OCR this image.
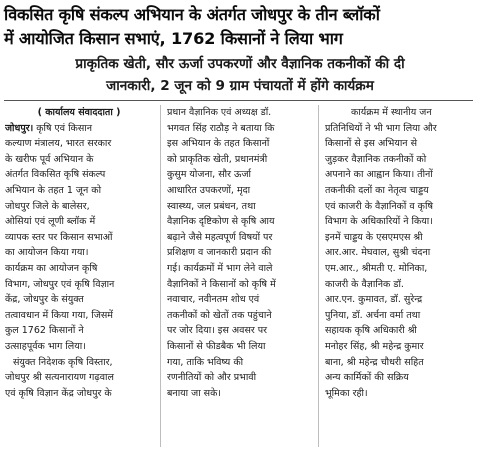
विकसित कृषि संकल्प अभियान के अंतर्गत जोधपुर के तीन ब्लॉकों
में आयोजित किसान सभाएं, 1762 किसानों ने लिया भाग
प्राकृतिक खेती, सौर ऊर्जा उपकरणों और वैज्ञानिक तकनीकों की दी
जानकारी, 2 जून को 9 ग्राम पंचायतों में होंगे कार्यक्रम
( कार्यालय संवाददाता )
जोधपुर। कृषि एवं किसान
कल्याण मंत्रालय, भारत सरकार
के खरीफ पूर्व अभियान के
अंतर्गत विकसित कृषि संकल्प
अभियान के तहत 1 जून को
जोधपुर जिले के बालेसर,
ओसियां एवं लूणी ब्लॉक में
व्यापक स्तर पर किसान सभाओं
का आयोजन किया गया।
कार्यक्रम का आयोजन कृषि
विभाग, जोधपुर एवं कृषि विज्ञान
केंद्र, जोधपुर के संयुक्त
तत्वावधान में किया गया, जिसमें
कुल 1762 किसानों ने
उत्साहपूर्वक भाग लिया।
संयुक्त निदेशक कृषि विस्तार,
जोधपुर श्री सत्यनारायण गढ़वाल
एवं कृषि विज्ञान केंद्र जोधपुर के
प्रधान वैज्ञानिक एवं अध्यक्ष डॉ.
भगवत सिंह राठौड़ ने बताया कि
इस अभियान के तहत किसानों
को प्राकृतिक खेती, प्रधानमंत्री
कुसुम योजना, सौर ऊर्जा
आधारित उपकरणों, मृदा
स्वास्थ्य, जल प्रबंधन, तथा
वैज्ञानिक दृष्टिकोण से कृषि आय
बढ़ाने जैसे महत्वपूर्ण विषयों पर
प्रशिक्षण व जानकारी प्रदान की
गई। कार्यक्रमों में भाग लेने वाले
वैज्ञानिकों ने किसानों को कृषि में
नवाचार, नवीनतम शोध एवं
तकनीकों को खेतों तक पहुंचाने
पर जोर दिया। इस अवसर पर
किसानों से फीडबैक भी लिया
गया, ताकि भविष्य की
रणनीतियों को और प्रभावी
बनाया जा सके।
कार्यक्रम में स्थानीय जन
प्रतिनिधियों ने भी भाग लिया और
किसानों से इस अभियान से
जुड़कर वैज्ञानिक तकनीकों को
अपनाने का आह्वान किया। तीनों
तकनीकी दलों का नेतृत्व चाड्डय
एवं काजरी के वैज्ञानिकों व कृषि
विभाग के अधिकारियों ने किया।
इनमें चाड्डय के एसएमएस श्री
आर.आर. मेघवाल, सुश्री चंदना
एम.आर., श्रीमती ए. मोनिका,
काजरी के वैज्ञानिक डॉ.
आर.एन. कुमावत, डॉ. सुरेन्द्र
पुनिया, डॉ. अर्चना वर्मा तथा
सहायक कृषि अधिकारी श्री
मनोहर सिंह, श्री महेन्द्र कुमार
बाना, श्री महेन्द्र चौधरी सहित
अन्य कार्मिकों की सक्रिय
भूमिका रही।
